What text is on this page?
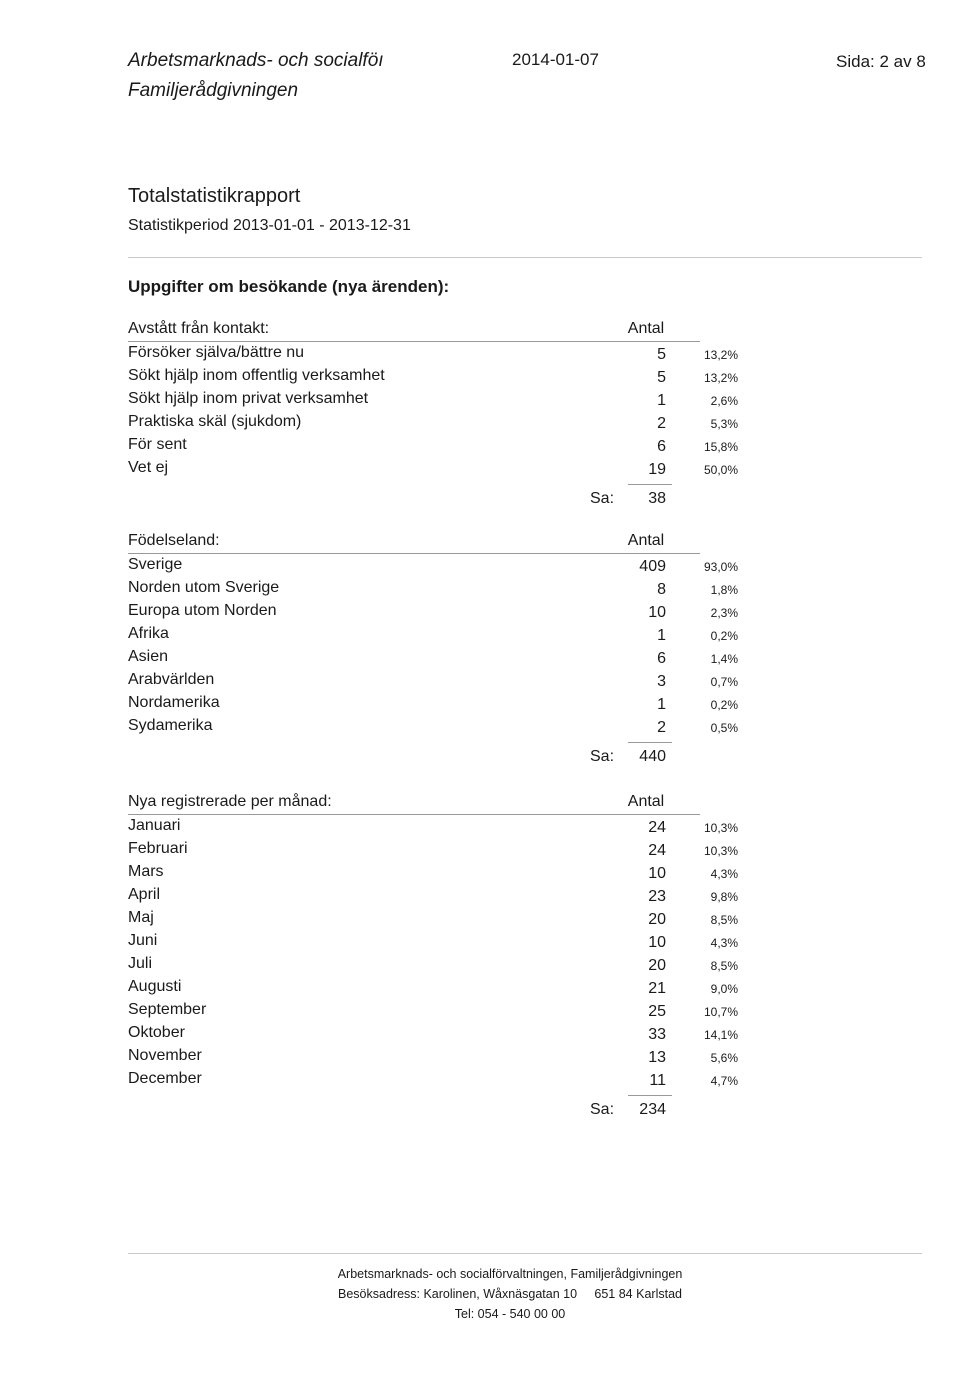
Arbetsmarknads- och socialföı
Familjerådgivningen
2014-01-07	Sida: 2 av 8
Totalstatistikrapport
Statistikperiod 2013-01-01 - 2013-12-31
Uppgifter om besökande (nya ärenden):
Avstått från kontakt:	Antal
Försöker själva/bättre nu	5	13,2%
Sökt hjälp inom offentlig verksamhet	5	13,2%
Sökt hjälp inom privat verksamhet	1	2,6%
Praktiska skäl (sjukdom)	2	5,3%
För sent	6	15,8%
Vet ej	19	50,0%
Sa:	38
Födelseland:	Antal
Sverige	409	93,0%
Norden utom Sverige	8	1,8%
Europa utom Norden	10	2,3%
Afrika	1	0,2%
Asien	6	1,4%
Arabvärlden	3	0,7%
Nordamerika	1	0,2%
Sydamerika	2	0,5%
Sa:	440
Nya registrerade per månad:	Antal
Januari	24	10,3%
Februari	24	10,3%
Mars	10	4,3%
April	23	9,8%
Maj	20	8,5%
Juni	10	4,3%
Juli	20	8,5%
Augusti	21	9,0%
September	25	10,7%
Oktober	33	14,1%
November	13	5,6%
December	11	4,7%
Sa:	234
Arbetsmarknads- och socialförvaltningen, Familjerådgivningen
Besöksadress: Karolinen, Wåxnäsgatan 10     651 84 Karlstad
Tel: 054 - 540 00 00
